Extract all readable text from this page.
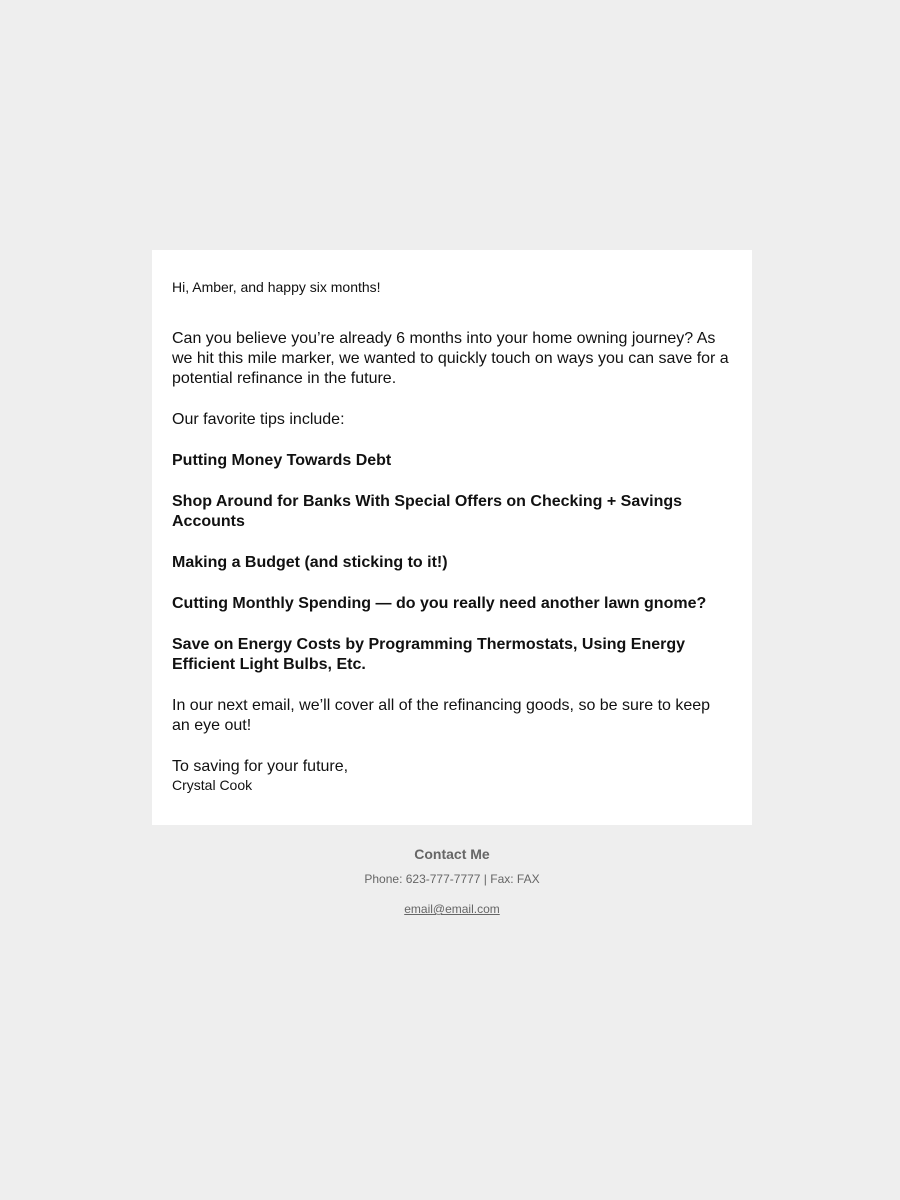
Hi, Amber, and happy six months!

Can you believe you’re already 6 months into your home owning journey? As we hit this mile marker, we wanted to quickly touch on ways you can save for a potential refinance in the future.

Our favorite tips include:

Putting Money Towards Debt

Shop Around for Banks With Special Offers on Checking + Savings Accounts

Making a Budget (and sticking to it!)

Cutting Monthly Spending — do you really need another lawn gnome?

Save on Energy Costs by Programming Thermostats, Using Energy Efficient Light Bulbs, Etc.

In our next email, we’ll cover all of the refinancing goods, so be sure to keep an eye out!

To saving for your future,

Crystal Cook

Contact Me

Phone: 623-777-7777 | Fax: FAX

email@email.com
